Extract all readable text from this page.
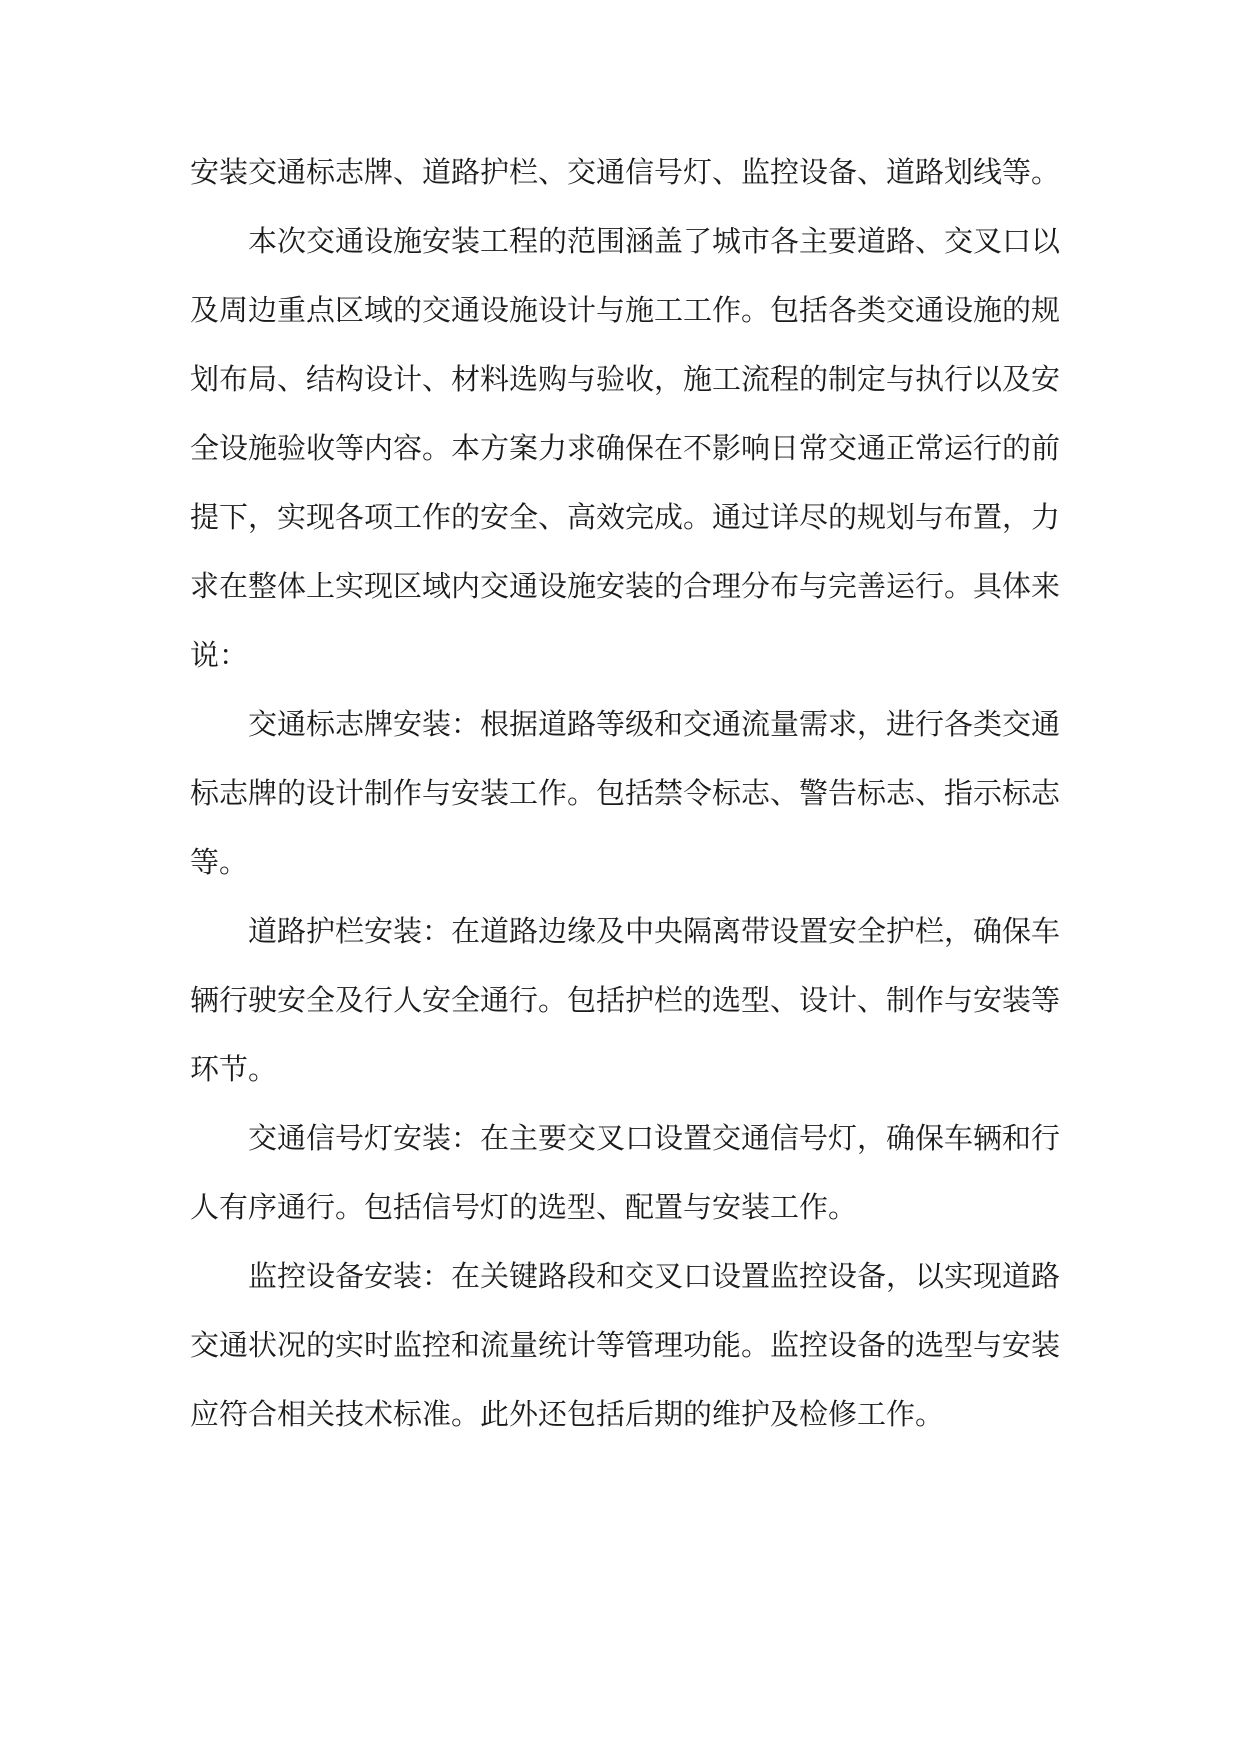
安装交通标志牌、道路护栏、交通信号灯、监控设备、道路划线等。

本次交通设施安装工程的范围涵盖了城市各主要道路、交叉口以及周边重点区域的交通设施设计与施工工作。包括各类交通设施的规划布局、结构设计、材料选购与验收，施工流程的制定与执行以及安全设施验收等内容。本方案力求确保在不影响日常交通正常运行的前提下，实现各项工作的安全、高效完成。通过详尽的规划与布置，力求在整体上实现区域内交通设施安装的合理分布与完善运行。具体来说：

交通标志牌安装：根据道路等级和交通流量需求，进行各类交通标志牌的设计制作与安装工作。包括禁令标志、警告标志、指示标志等。

道路护栏安装：在道路边缘及中央隔离带设置安全护栏，确保车辆行驶安全及行人安全通行。包括护栏的选型、设计、制作与安装等环节。

交通信号灯安装：在主要交叉口设置交通信号灯，确保车辆和行人有序通行。包括信号灯的选型、配置与安装工作。

监控设备安装：在关键路段和交叉口设置监控设备，以实现道路交通状况的实时监控和流量统计等管理功能。监控设备的选型与安装应符合相关技术标准。此外还包括后期的维护及检修工作。
